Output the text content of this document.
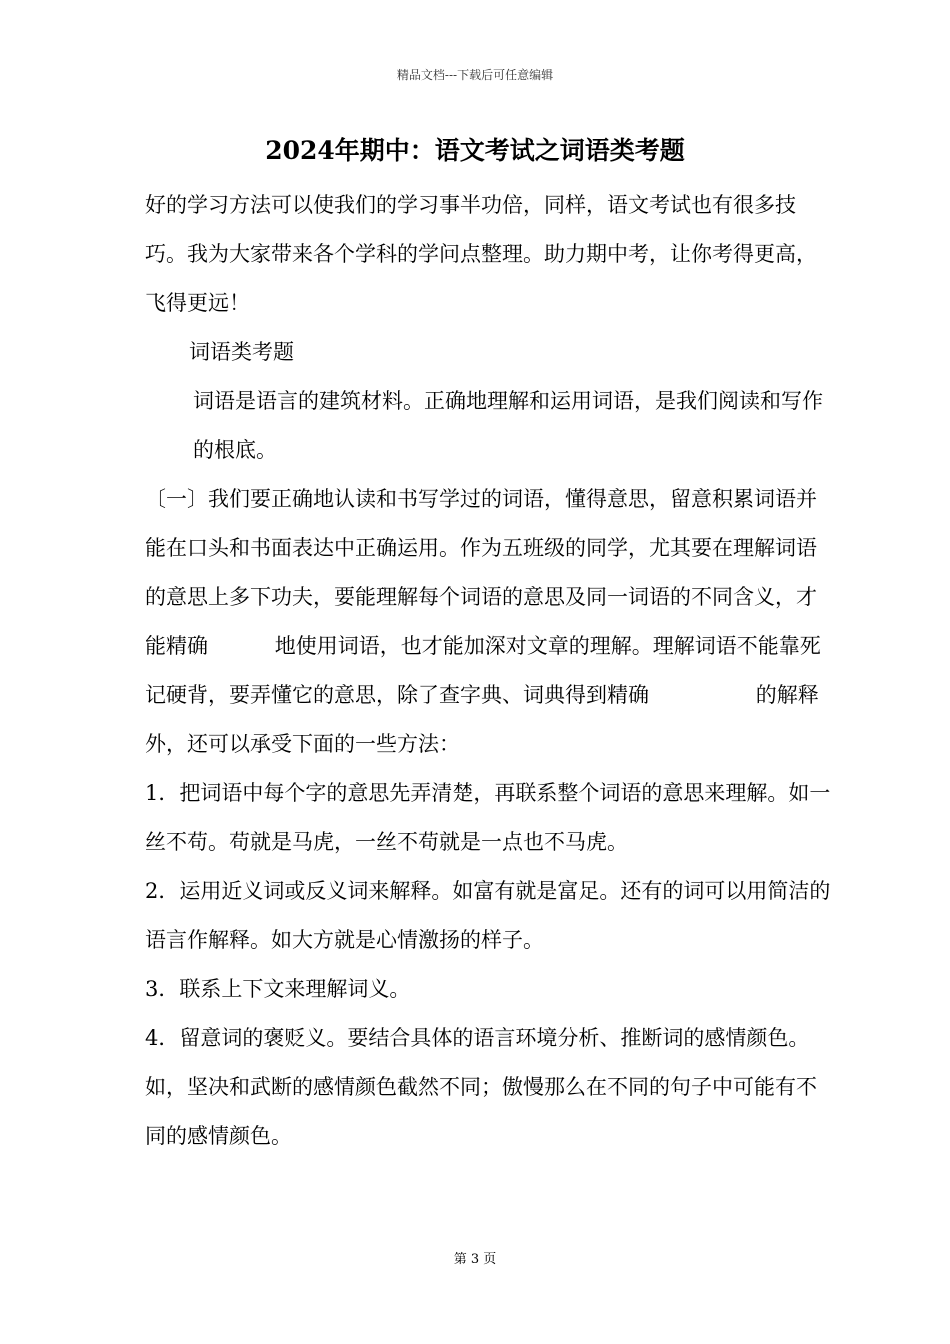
精品文档---下载后可任意编辑
2024年期中：语文考试之词语类考题

好的学习方法可以使我们的学习事半功倍，同样，语文考试也有很多技巧。我为大家带来各个学科的学问点整理。助力期中考，让你考得更高，飞得更远！

词语类考题

词语是语言的建筑材料。正确地理解和运用词语，是我们阅读和写作的根底。

〔一〕我们要正确地认读和书写学过的词语，懂得意思，留意积累词语并能在口头和书面表达中正确运用。作为五班级的同学，尤其要在理解词语的意思上多下功夫，要能理解每个词语的意思及同一词语的不同含义，才能精确          地使用词语，也才能加深对文章的理解。理解词语不能靠死记硬背，要弄懂它的意思，除了查字典、词典得到精确                的解释外，还可以承受下面的一些方法：

1．把词语中每个字的意思先弄清楚，再联系整个词语的意思来理解。如一丝不苟。苟就是马虎，一丝不苟就是一点也不马虎。

2．运用近义词或反义词来解释。如富有就是富足。还有的词可以用简洁的语言作解释。如大方就是心情激扬的样子。

3．联系上下文来理解词义。

4．留意词的褒贬义。要结合具体的语言环境分析、推断词的感情颜色。如，坚决和武断的感情颜色截然不同；傲慢那么在不同的句子中可能有不同的感情颜色。

第 3 页
